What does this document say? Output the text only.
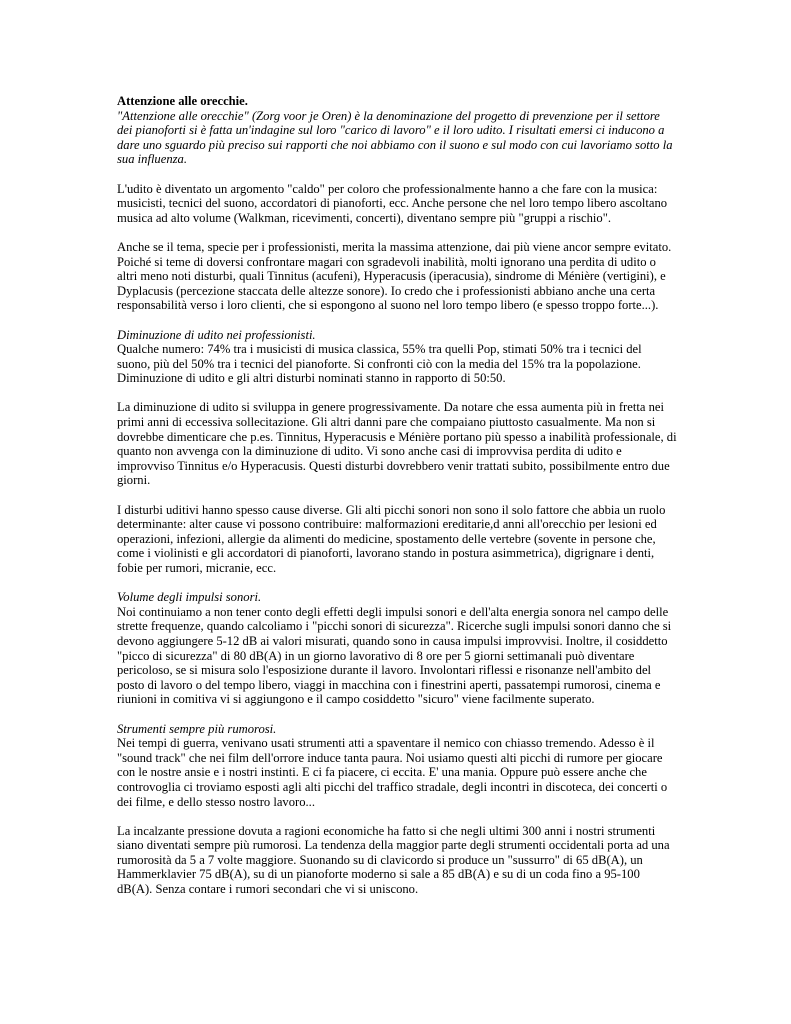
Attenzione alle orecchie.

"Attenzione alle orecchie" (Zorg voor je Oren) è la denominazione del progetto di prevenzione per il settore dei pianoforti si è fatta un'indagine sul loro "carico di lavoro" e il loro udito. I risultati emersi ci inducono a dare uno sguardo più preciso sui rapporti che noi abbiamo con il suono e sul modo con cui lavoriamo sotto la sua influenza.

L'udito è diventato un argomento "caldo" per coloro che professionalmente hanno a che fare con la musica: musicisti, tecnici del suono, accordatori di pianoforti, ecc. Anche persone che nel loro tempo libero ascoltano musica ad alto volume (Walkman, ricevimenti, concerti), diventano sempre più "gruppi a rischio".

Anche se il tema, specie per i professionisti, merita la massima attenzione, dai più viene ancor sempre evitato. Poiché si teme di doversi confrontare magari con sgradevoli inabilità, molti ignorano una perdita di udito o altri meno noti disturbi, quali Tinnitus (acufeni), Hyperacusis (iperacusia), sindrome di Ménière (vertigini), e Dyplacusis (percezione staccata delle altezze sonore). Io credo che i professionisti abbiano anche una certa responsabilità verso i loro clienti, che si espongono al suono nel loro tempo libero (e spesso troppo forte...).

Diminuzione di udito nei professionisti.

Qualche numero: 74% tra i musicisti di musica classica, 55% tra quelli Pop, stimati 50% tra i tecnici del suono, più del 50% tra i tecnici del pianoforte. Si confronti ciò con la media del 15% tra la popolazione. Diminuzione di udito e gli altri disturbi nominati stanno in rapporto di 50:50.

La diminuzione di udito si sviluppa in genere progressivamente. Da notare che essa aumenta più in fretta nei primi anni di eccessiva sollecitazione. Gli altri danni pare che compaiano piuttosto casualmente. Ma non si dovrebbe dimenticare che p.es. Tinnitus, Hyperacusis e Ménière portano più spesso a inabilità professionale, di quanto non avvenga con la diminuzione di udito. Vi sono anche casi di improvvisa perdita di udito e improvviso Tinnitus e/o Hyperacusis. Questi disturbi dovrebbero venir trattati subito, possibilmente entro due giorni.

I disturbi uditivi hanno spesso cause diverse. Gli alti picchi sonori non sono il solo fattore che abbia un ruolo determinante: alter cause vi possono contribuire: malformazioni ereditarie,d anni all'orecchio per lesioni ed operazioni, infezioni, allergie da alimenti do medicine, spostamento delle vertebre (sovente in persone che, come i violinisti e gli accordatori di pianoforti, lavorano stando in postura asimmetrica), digrignare i denti, fobie per rumori, micranie, ecc.

Volume degli impulsi sonori.

Noi continuiamo a non tener conto degli effetti degli impulsi sonori e dell'alta energia sonora nel campo delle strette frequenze, quando calcoliamo i "picchi sonori di sicurezza". Ricerche sugli impulsi sonori danno che si devono aggiungere 5-12 dB ai valori misurati, quando sono in causa impulsi improvvisi. Inoltre, il cosiddetto "picco di sicurezza" di 80 dB(A) in un giorno lavorativo di 8 ore per 5 giorni settimanali può diventare pericoloso, se si misura solo l'esposizione durante il lavoro. Involontari riflessi e risonanze nell'ambito del posto di lavoro o del tempo libero, viaggi in macchina con i finestrini aperti, passatempi rumorosi, cinema e riunioni in comitiva vi si aggiungono e il campo cosiddetto "sicuro" viene facilmente superato.

Strumenti sempre più rumorosi.

Nei tempi di guerra, venivano usati strumenti atti a spaventare il nemico con chiasso tremendo. Adesso è il "sound track" che nei film dell'orrore induce tanta paura. Noi usiamo questi alti picchi di rumore per giocare con le nostre ansie e i nostri instinti. E ci fa piacere, ci eccita. E' una mania. Oppure può essere anche che controvoglia ci troviamo esposti agli alti picchi del traffico stradale, degli incontri in discoteca, dei concerti o dei filme, e dello stesso nostro lavoro...

La incalzante pressione dovuta a ragioni economiche ha fatto si che negli ultimi 300 anni i nostri strumenti siano diventati sempre più rumorosi. La tendenza della maggior parte degli strumenti occidentali porta ad una rumorosità da 5 a 7 volte maggiore. Suonando su di clavicordo si produce un "sussurro" di 65 dB(A), un Hammerklavier 75 dB(A), su di un pianoforte moderno si sale a 85 dB(A) e su di un coda fino a 95-100 dB(A). Senza contare i rumori secondari che vi si uniscono.
